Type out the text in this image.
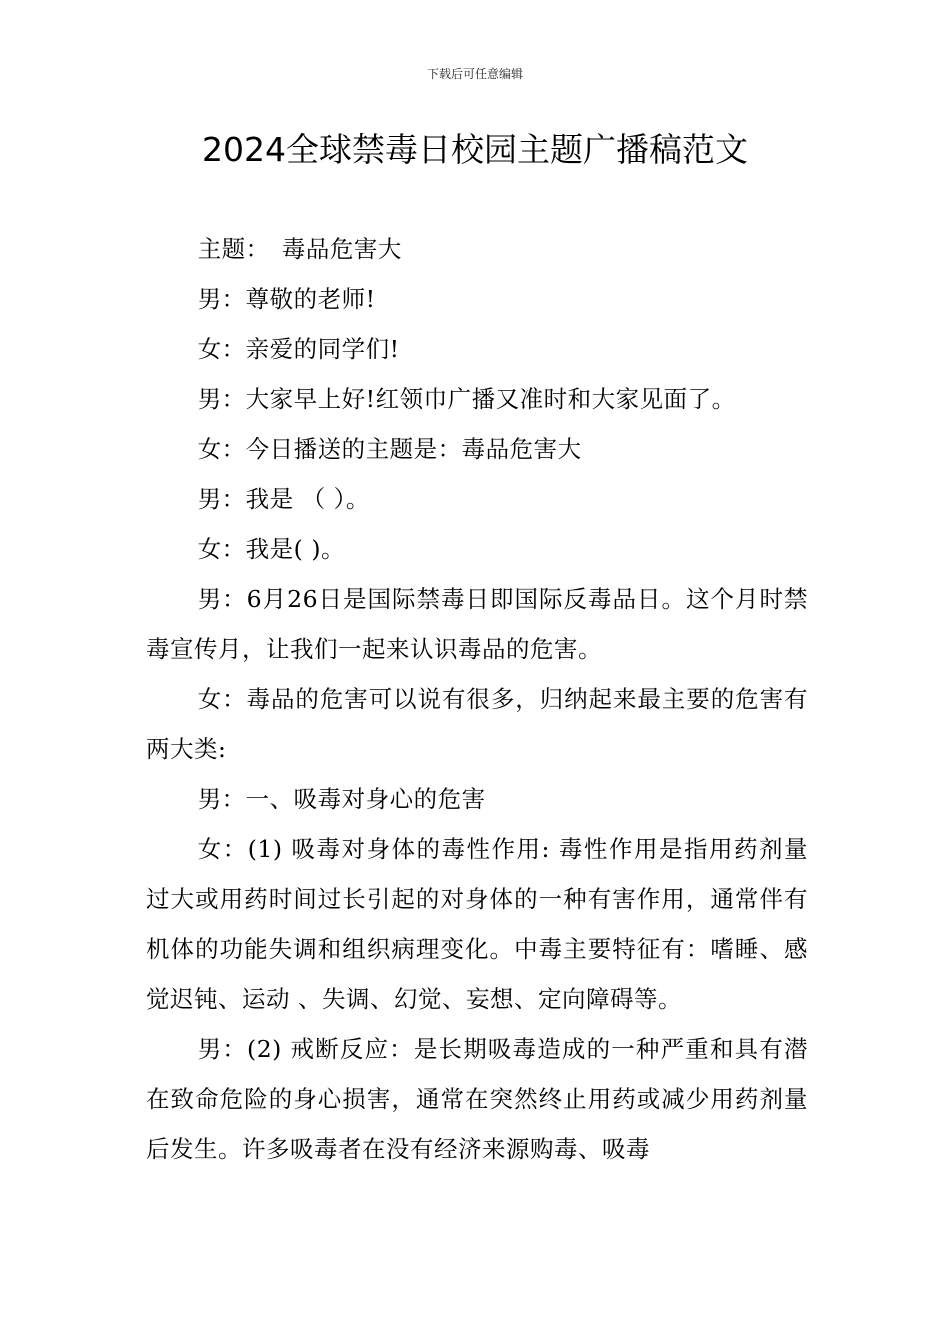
下载后可任意编辑
2024全球禁毒日校园主题广播稿范文

主题：　毒品危害大

男：尊敬的老师!

女：亲爱的同学们!

男：大家早上好!红领巾广播又准时和大家见面了。

女：今日播送的主题是：毒品危害大

男：我是 （ ）。

女：我是( )。

男：6月26日是国际禁毒日即国际反毒品日。这个月时禁毒宣传月，让我们一起来认识毒品的危害。

女：毒品的危害可以说有很多，归纳起来最主要的危害有两大类:

男：一、吸毒对身心的危害

女：(1) 吸毒对身体的毒性作用: 毒性作用是指用药剂量过大或用药时间过长引起的对身体的一种有害作用，通常伴有机体的功能失调和组织病理变化。中毒主要特征有：嗜睡、感觉迟钝、运动 、失调、幻觉、妄想、定向障碍等。

男：(2) 戒断反应：是长期吸毒造成的一种严重和具有潜在致命危险的身心损害，通常在突然终止用药或减少用药剂量后发生。许多吸毒者在没有经济来源购毒、吸毒
